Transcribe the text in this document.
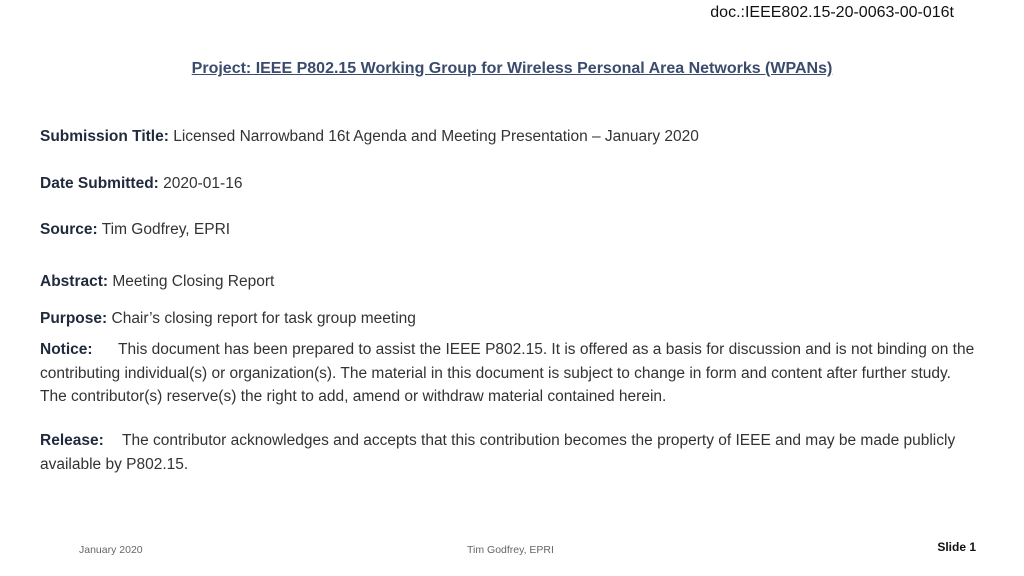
doc.:IEEE802.15-20-0063-00-016t
Project: IEEE P802.15 Working Group for Wireless Personal Area Networks (WPANs)
Submission Title: Licensed Narrowband 16t Agenda and Meeting Presentation – January 2020
Date Submitted: 2020-01-16
Source: Tim Godfrey, EPRI
Abstract: Meeting Closing Report
Purpose: Chair’s closing report for task group meeting
Notice: This document has been prepared to assist the IEEE P802.15. It is offered as a basis for discussion and is not binding on the contributing individual(s) or organization(s). The material in this document is subject to change in form and content after further study. The contributor(s) reserve(s) the right to add, amend or withdraw material contained herein.
Release: The contributor acknowledges and accepts that this contribution becomes the property of IEEE and may be made publicly available by P802.15.
January 2020	Tim Godfrey, EPRI	Slide 1
